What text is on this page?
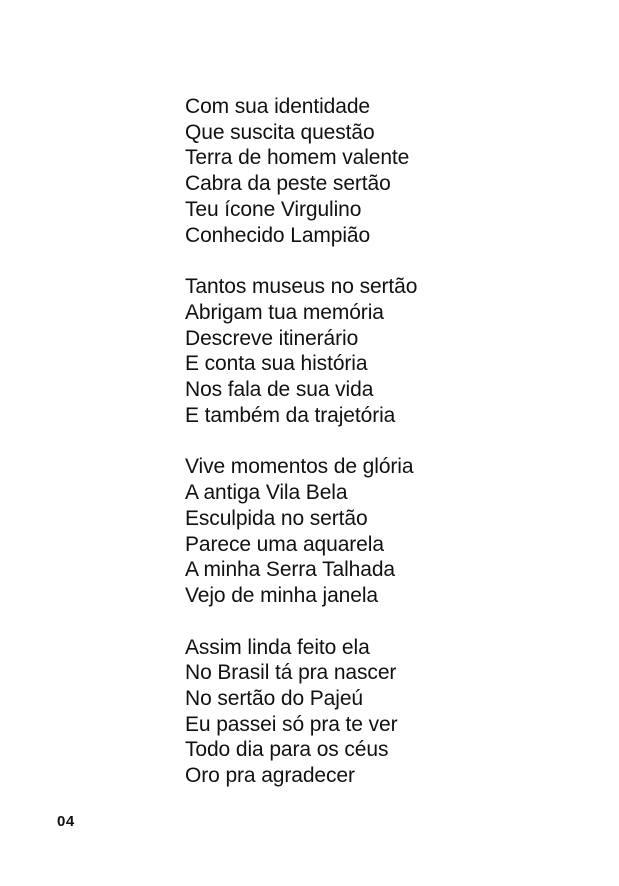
Com sua identidade
Que suscita questão
Terra de homem valente
Cabra da peste sertão
Teu ícone Virgulino
Conhecido Lampião
Tantos museus no sertão
Abrigam tua memória
Descreve itinerário
E conta sua história
Nos fala de sua vida
E também da trajetória
Vive momentos de glória
A antiga Vila Bela
Esculpida no sertão
Parece uma aquarela
A minha Serra Talhada
Vejo de minha janela
Assim linda feito ela
No Brasil tá pra nascer
No sertão do Pajeú
Eu passei só pra te ver
Todo dia para os céus
Oro pra agradecer
04
